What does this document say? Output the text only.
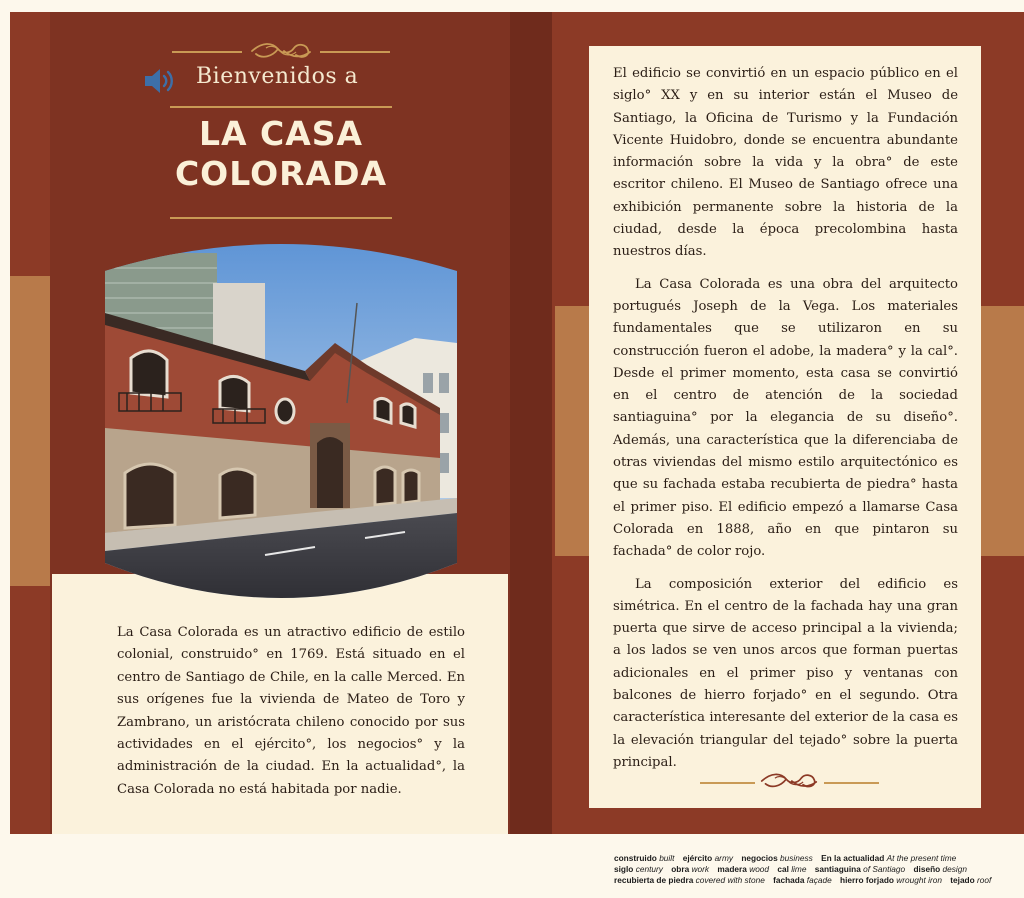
Bienvenidos a
LA CASA
COLORADA
La Casa Colorada es un atractivo edificio de estilo colonial, construido° en 1769. Está situado en el centro de Santiago de Chile, en la calle Merced. En sus orígenes fue la vivienda de Mateo de Toro y Zambrano, un aristócrata chileno conocido por sus actividades en el ejército°, los negocios° y la administración de la ciudad. En la actualidad°, la Casa Colorada no está habitada por nadie.

El edificio se convirtió en un espacio público en el siglo° XX y en su interior están el Museo de Santiago, la Oficina de Turismo y la Fundación Vicente Huidobro, donde se encuentra abundante información sobre la vida y la obra° de este escritor chileno. El Museo de Santiago ofrece una exhibición permanente sobre la historia de la ciudad, desde la época precolombina hasta nuestros días.

La Casa Colorada es una obra del arquitecto portugués Joseph de la Vega. Los materiales fundamentales que se utilizaron en su construcción fueron el adobe, la madera° y la cal°. Desde el primer momento, esta casa se convirtió en el centro de atención de la sociedad santiaguina° por la elegancia de su diseño°. Además, una característica que la diferenciaba de otras viviendas del mismo estilo arquitectónico es que su fachada estaba recubierta de piedra° hasta el primer piso. El edificio empezó a llamarse Casa Colorada en 1888, año en que pintaron su fachada° de color rojo.

La composición exterior del edificio es simétrica. En el centro de la fachada hay una gran puerta que sirve de acceso principal a la vivienda; a los lados se ven unos arcos que forman puertas adicionales en el primer piso y ventanas con balcones de hierro forjado° en el segundo. Otra característica interesante del exterior de la casa es la elevación triangular del tejado° sobre la puerta principal.

construido built ejército army negocios business En la actualidad At the present time
siglo century obra work madera wood cal lime santiaguina of Santiago diseño design
recubierta de piedra covered with stone fachada façade hierro forjado wrought iron tejado roof
